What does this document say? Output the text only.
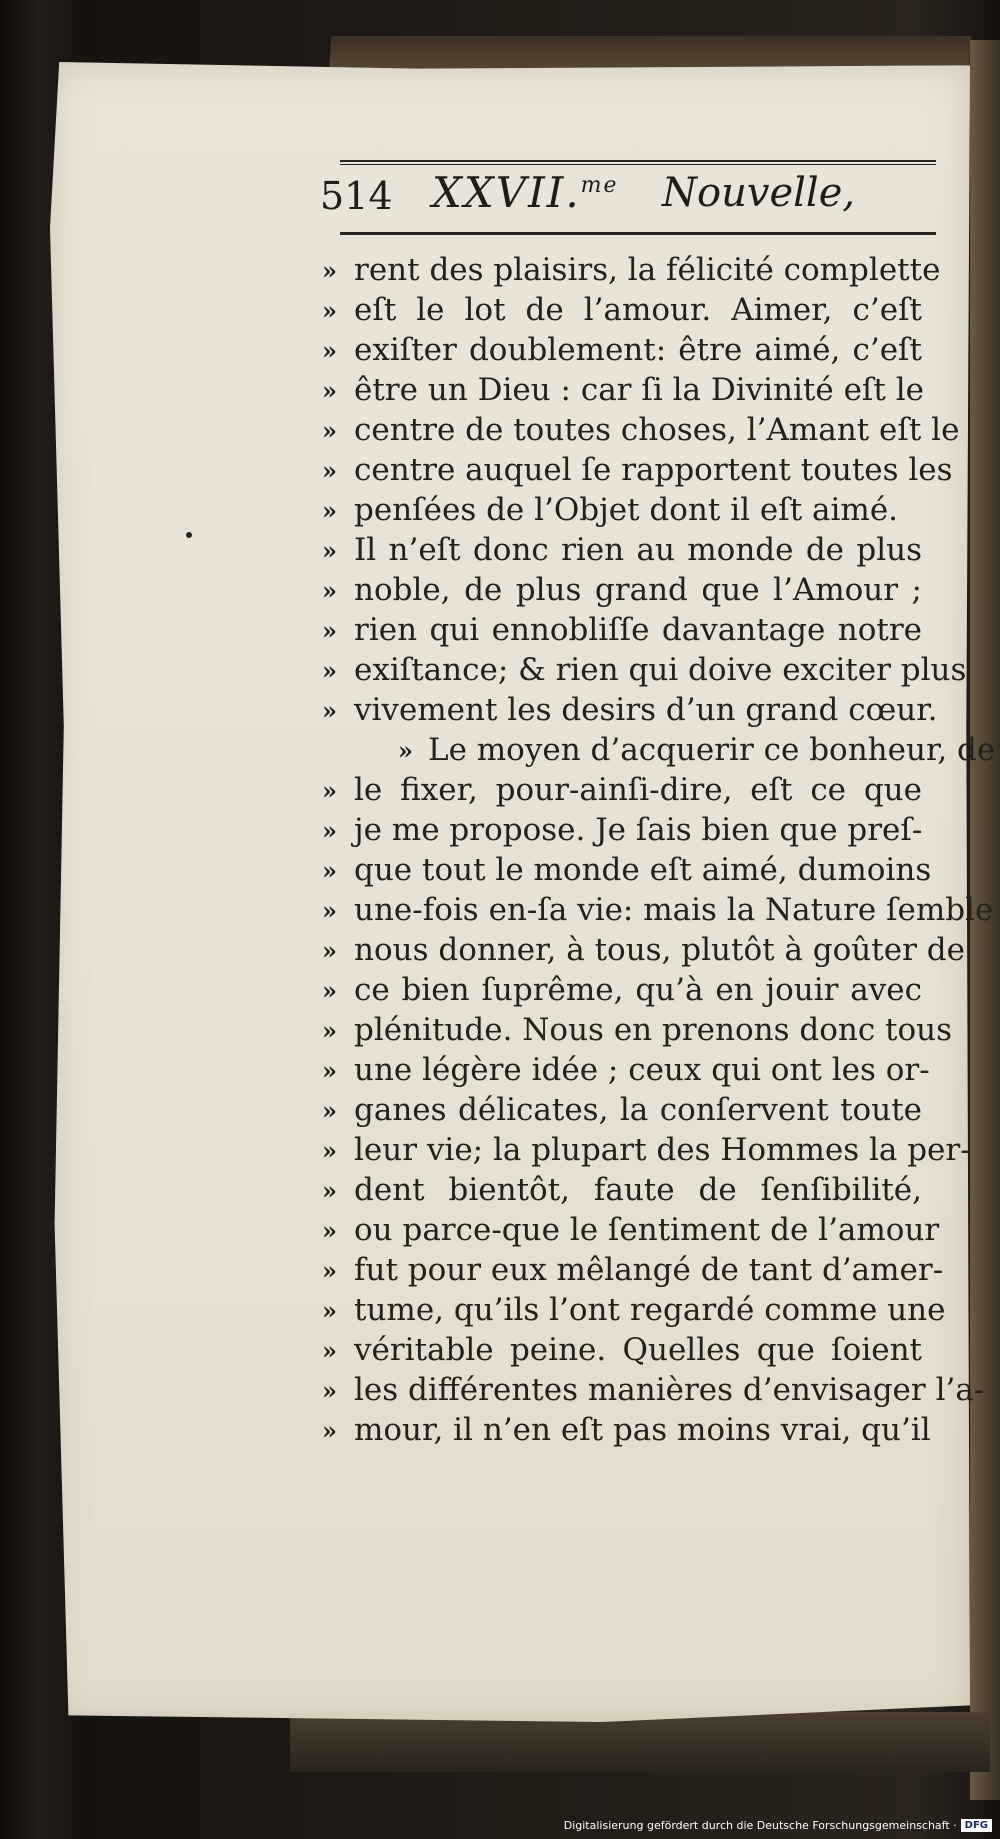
514 XXVII.$^{me}$ Nouvelle,
» rent des plaisirs, la félicité complette
» eſt le lot de l’amour. Aimer, c’eſt
» exiſter doublement: être aimé, c’eſt
» être un Dieu : car ſi la Divinité eſt le
» centre de toutes choses, l’Amant eſt le
» centre auquel ſe rapportent toutes les
» penſées de l’Objet dont il eſt aimé.
» Il n’eſt donc rien au monde de plus
» noble, de plus grand que l’Amour ;
» rien qui ennobliſſe davantage notre
» exiſtance; & rien qui doive exciter plus
» vivement les desirs d’un grand cœur.
» Le moyen d’acquerir ce bonheur, de
» le fixer, pour-ainſi-dire, eſt ce que
» je me propose. Je ſais bien que preſ-
» que tout le monde eſt aimé, dumoins
» une-fois en-ſa vie: mais la Nature ſemble
» nous donner, à tous, plutôt à goûter de
» ce bien ſuprême, qu’à en jouir avec
» plénitude. Nous en prenons donc tous
» une légère idée ; ceux qui ont les or-
» ganes délicates, la conſervent toute
» leur vie; la plupart des Hommes la per-
» dent bientôt, faute de ſenſibilité,
» ou parce-que le ſentiment de l’amour
» fut pour eux mêlangé de tant d’amer-
» tume, qu’ils l’ont regardé comme une
» véritable peine. Quelles que ſoient
» les différentes manières d’envisager l’a-
» mour, il n’en eſt pas moins vrai, qu’il
Digitalisierung gefördert durch die Deutsche Forschungsgemeinschaft · DFG
